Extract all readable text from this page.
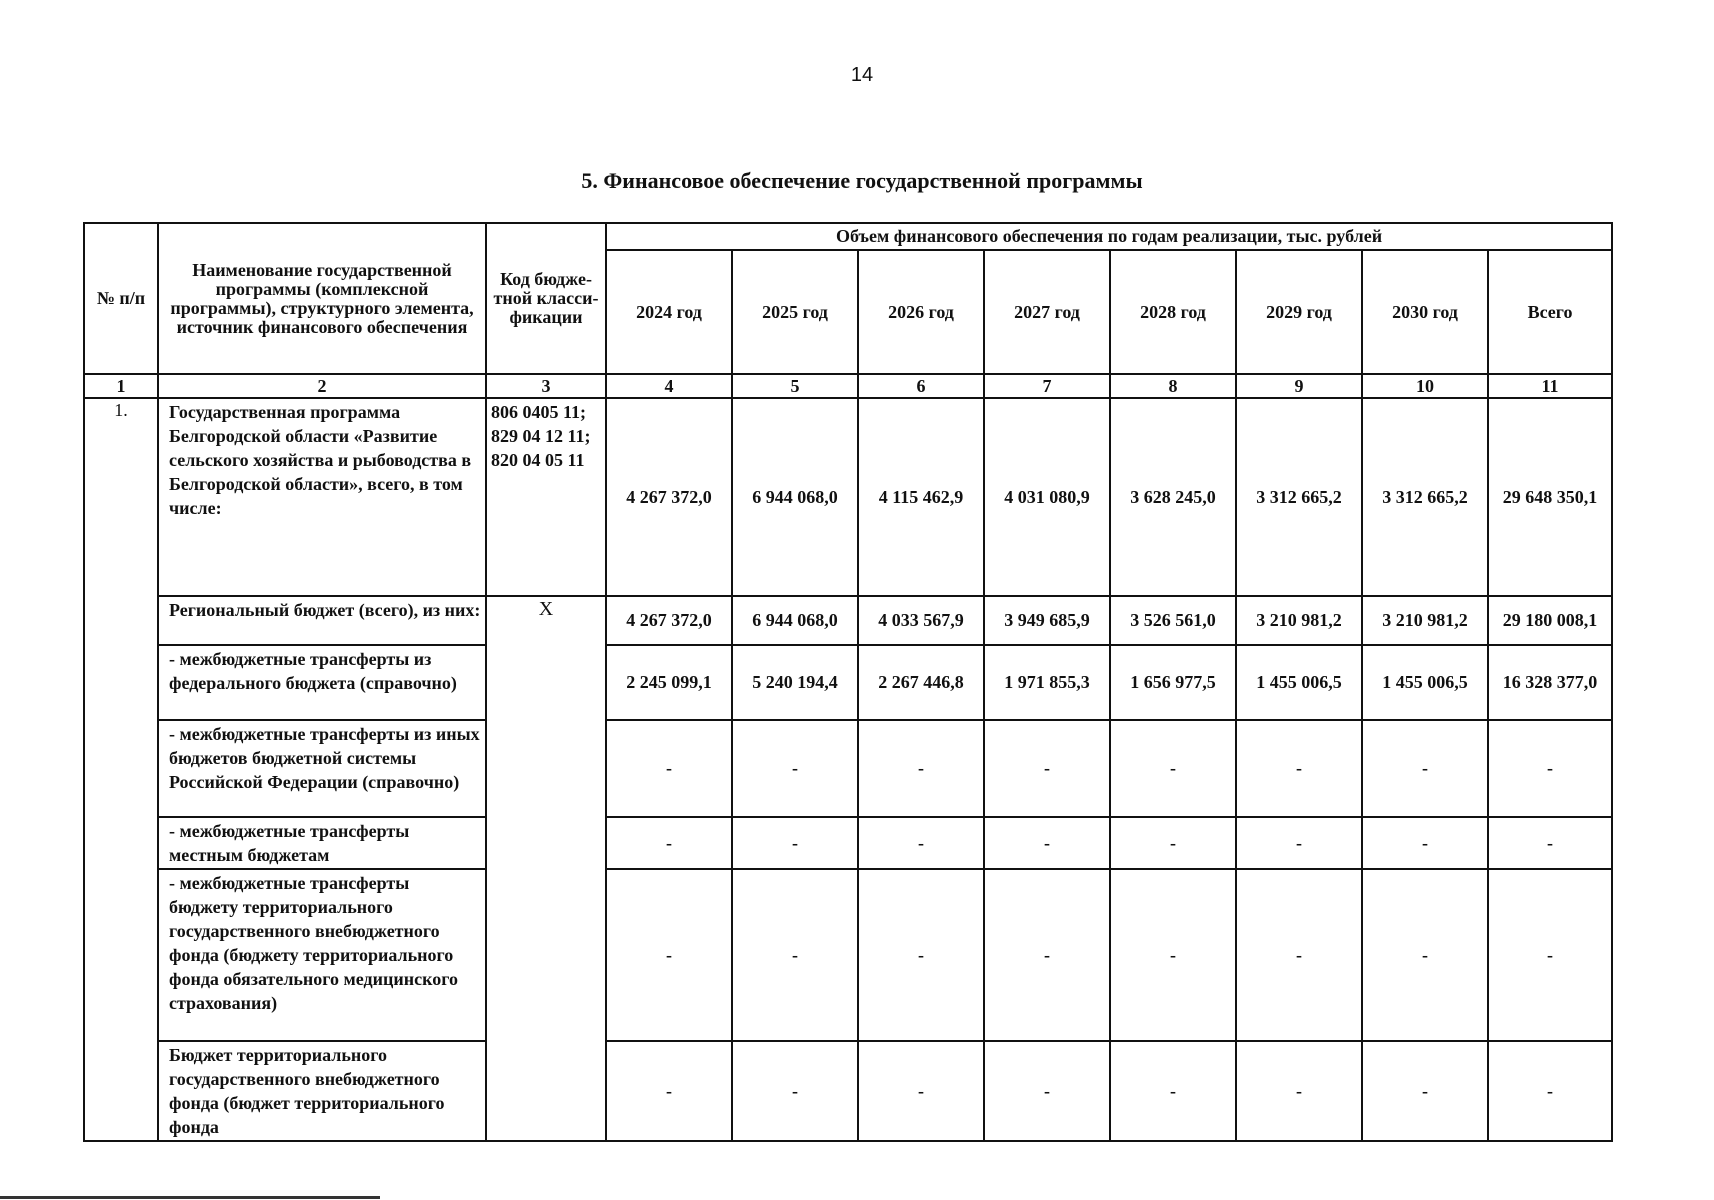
14
5. Финансовое обеспечение государственной программы
№ п/п	Наименование государственной программы (комплексной программы), структурного элемента, источник финансового обеспечения	Код бюдже-тной класси-фикации	Объем финансового обеспечения по годам реализации, тыс. рублей							
			2024 год	2025 год	2026 год	2027 год	2028 год	2029 год	2030 год	Всего
1	2	3	4	5	6	7	8	9	10	11
1.	Государственная программа Белгородской области «Развитие сельского хозяйства и рыбоводства в Белгородской области», всего, в том числе:	806 0405 11; 829 04 12 11; 820 04 05 11	4 267 372,0	6 944 068,0	4 115 462,9	4 031 080,9	3 628 245,0	3 312 665,2	3 312 665,2	29 648 350,1
	Региональный бюджет (всего), из них:	X	4 267 372,0	6 944 068,0	4 033 567,9	3 949 685,9	3 526 561,0	3 210 981,2	3 210 981,2	29 180 008,1
	- межбюджетные трансферты из федерального бюджета (справочно)		2 245 099,1	5 240 194,4	2 267 446,8	1 971 855,3	1 656 977,5	1 455 006,5	1 455 006,5	16 328 377,0
	- межбюджетные трансферты из иных бюджетов бюджетной системы Российской Федерации (справочно)		-	-	-	-	-	-	-	-
	- межбюджетные трансферты местным бюджетам		-	-	-	-	-	-	-	-
	- межбюджетные трансферты бюджету территориального государственного внебюджетного фонда (бюджету территориального фонда обязательного медицинского страхования)		-	-	-	-	-	-	-	-
	Бюджет территориального государственного внебюджетного фонда (бюджет территориального фонда		-	-	-	-	-	-	-	-
